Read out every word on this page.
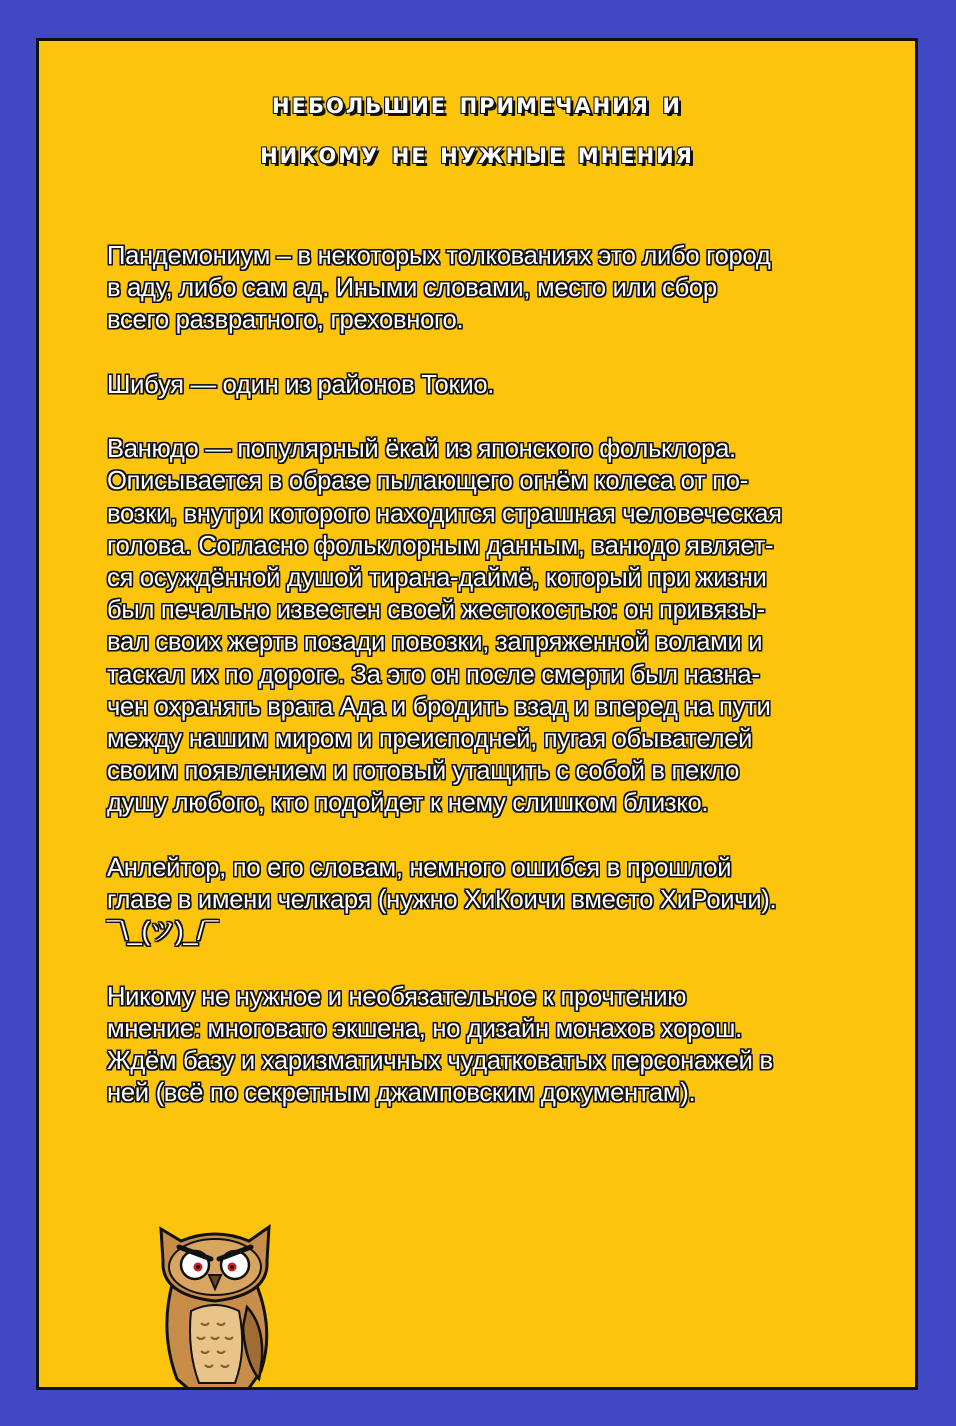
небольшие примечания и
никому не нужные мнения
Пандемониум – в некоторых толкованиях это либо город
в аду, либо сам ад. Иными словами, место или сбор
всего развратного, греховного.
Шибуя — один из районов Токио.
Ванюдо — популярный ёкай из японского фольклора.
Описывается в образе пылающего огнём колеса от по-
возки, внутри которого находится страшная человеческая
голова. Согласно фольклорным данным, ванюдо являет-
ся осуждённой душой тирана-даймё, который при жизни
был печально известен своей жестокостью: он привязы-
вал своих жертв позади повозки, запряженной волами и
таскал их по дороге. За это он после смерти был назна-
чен охранять врата Ада и бродить взад и вперед на пути
между нашим миром и преисподней, пугая обывателей
своим появлением и готовый утащить с собой в пекло
душу любого, кто подойдет к нему слишком близко.
Анлейтор, по его словам, немного ошибся в прошлой
главе в имени челкаря (нужно ХиКоичи вместо ХиРоичи).
¯\_(ツ)_/¯
Никому не нужное и необязательное к прочтению
мнение: многовато экшена, но дизайн монахов хорош.
Ждём базу и харизматичных чудатковатых персонажей в
ней (всё по секретным джамповским документам).
